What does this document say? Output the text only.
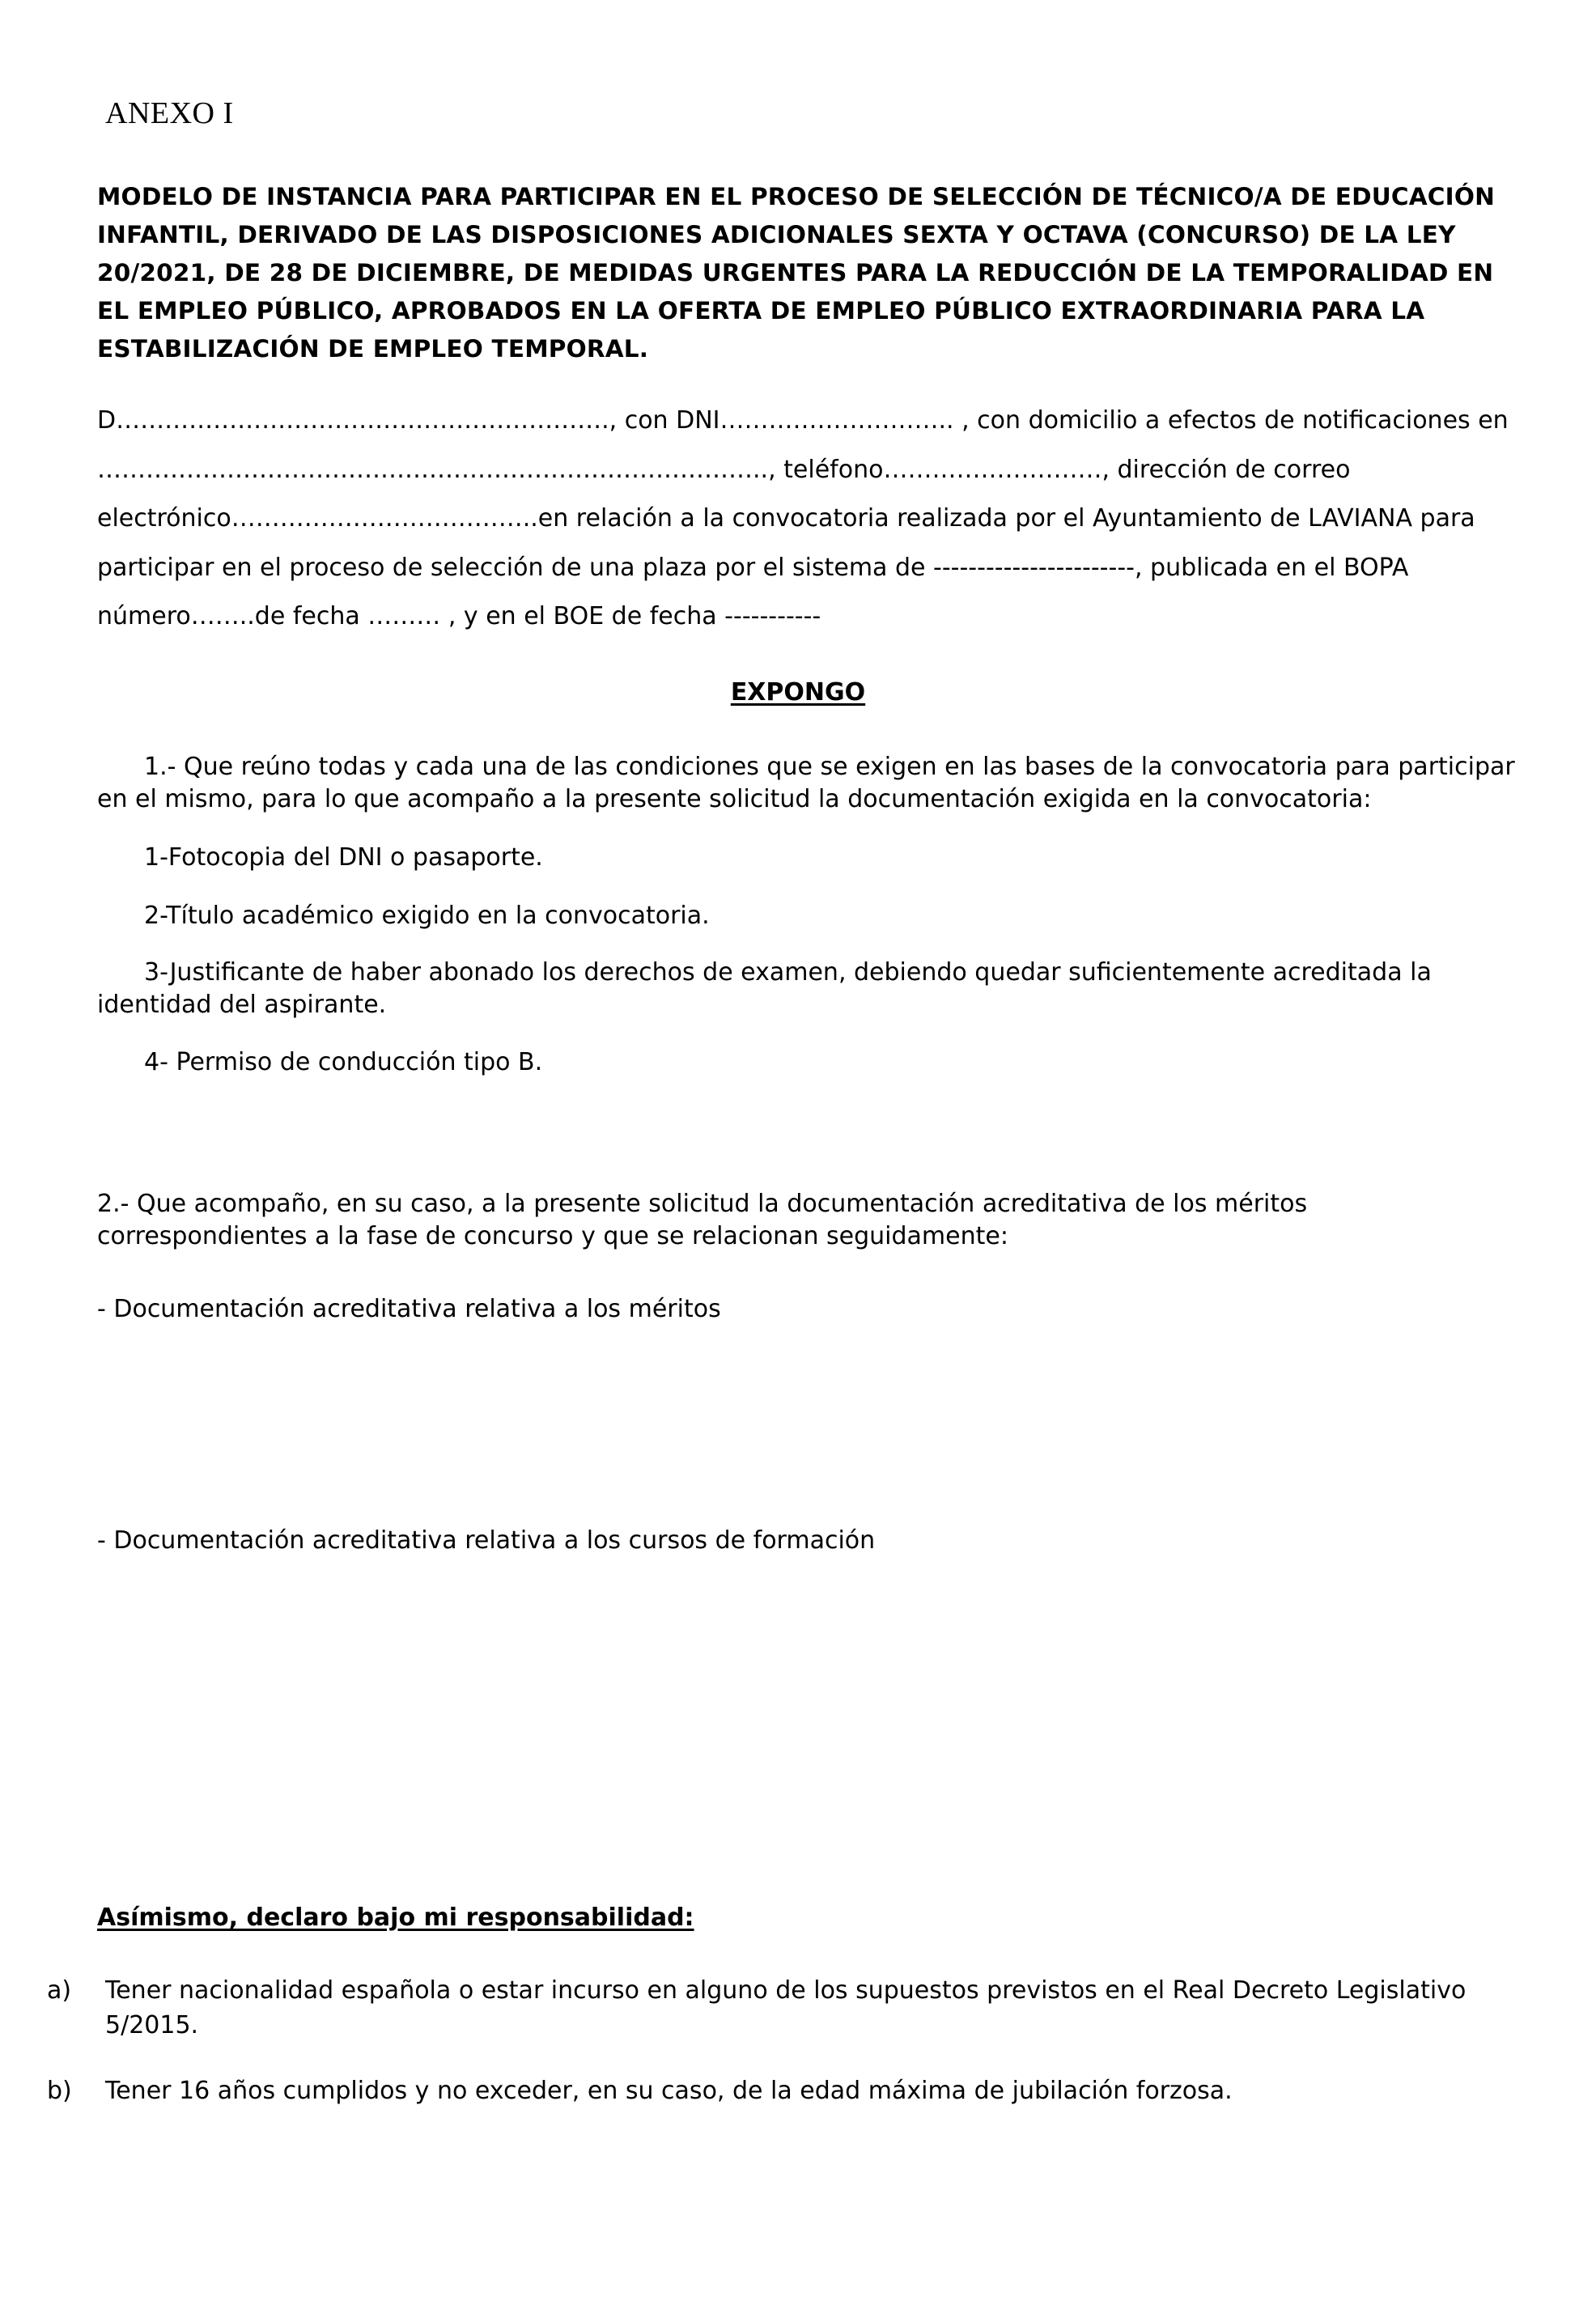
ANEXO I
MODELO DE INSTANCIA PARA PARTICIPAR EN EL PROCESO DE SELECCIÓN DE TÉCNICO/A DE EDUCACIÓN INFANTIL, DERIVADO DE LAS DISPOSICIONES ADICIONALES SEXTA Y OCTAVA (CONCURSO) DE LA LEY 20/2021, DE 28 DE DICIEMBRE, DE MEDIDAS URGENTES PARA LA REDUCCIÓN DE LA TEMPORALIDAD EN EL EMPLEO PÚBLICO, APROBADOS EN LA OFERTA DE EMPLEO PÚBLICO EXTRAORDINARIA PARA LA ESTABILIZACIÓN DE EMPLEO TEMPORAL.
D……………………………………………………., con DNI……………………….. , con domicilio a efectos de notificaciones en ……………………………………………………………………….., teléfono………………………, dirección de correo electrónico………………………………..en relación a la convocatoria realizada por el Ayuntamiento de LAVIANA para participar en el proceso de selección de una plaza por el sistema de -----------------------, publicada en el BOPA número……..de fecha ……… , y en el BOE de fecha -----------
EXPONGO
1.- Que reúno todas y cada una de las condiciones que se exigen en las bases de la convocatoria para participar en el mismo, para lo que acompaño a la presente solicitud la documentación exigida en la convocatoria:
1-Fotocopia del DNI o pasaporte.
2-Título académico exigido en la convocatoria.
3-Justificante de haber abonado los derechos de examen, debiendo quedar suficientemente acreditada la identidad del aspirante.
4- Permiso de conducción tipo B.
2.- Que acompaño, en su caso, a la presente solicitud la documentación acreditativa de los méritos correspondientes a la fase de concurso y que se relacionan seguidamente:
- Documentación acreditativa relativa a los méritos
- Documentación acreditativa relativa a los cursos de formación
Asímismo, declaro bajo mi responsabilidad:
a) Tener nacionalidad española o estar incurso en alguno de los supuestos previstos en el Real Decreto Legislativo 5/2015.
b) Tener 16 años cumplidos y no exceder, en su caso, de la edad máxima de jubilación forzosa.
